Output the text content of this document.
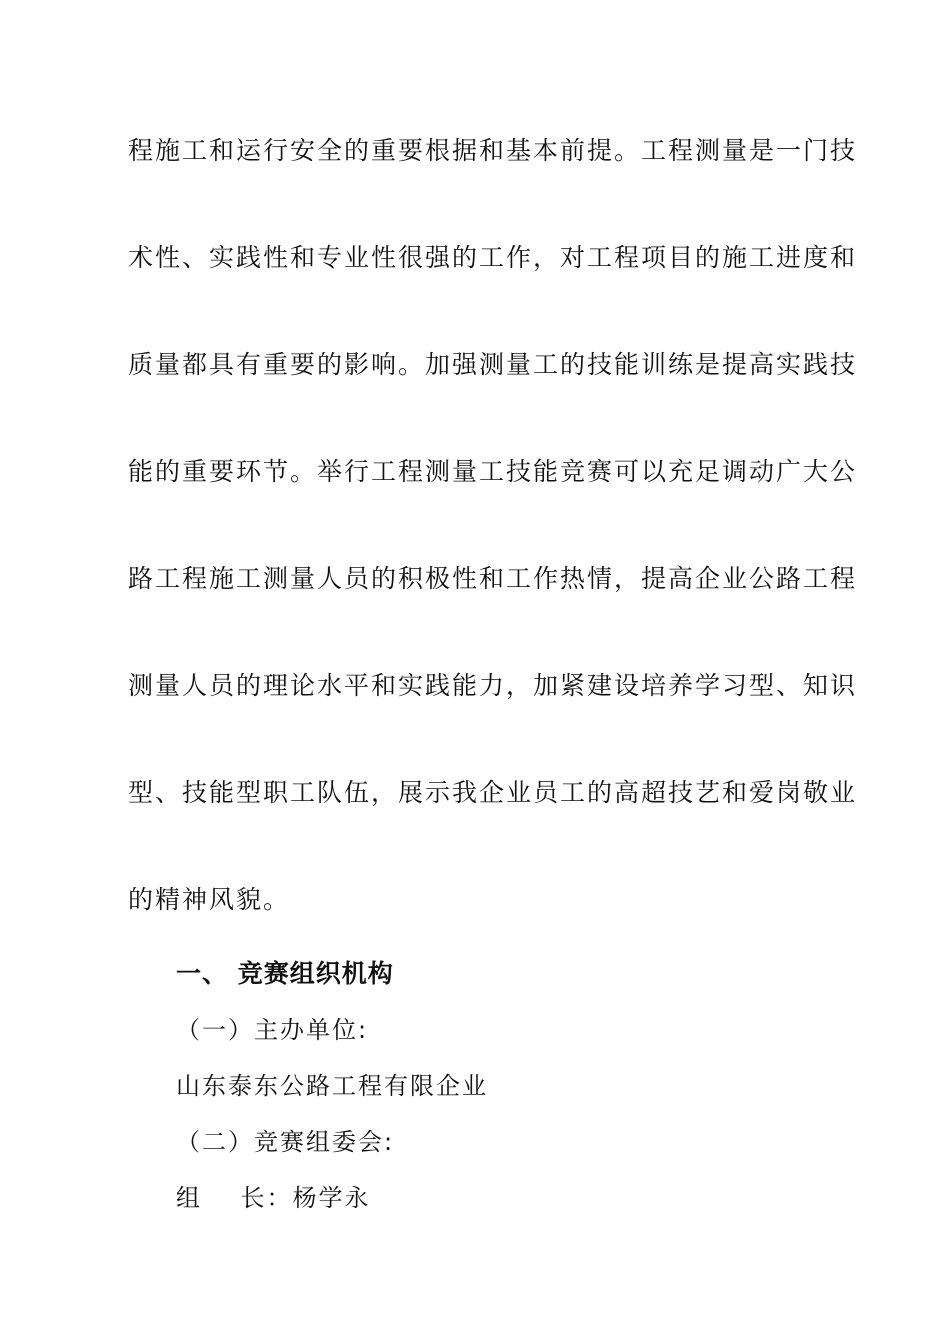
程施工和运行安全的重要根据和基本前提。工程测量是一门技
术性、实践性和专业性很强的工作，对工程项目的施工进度和
质量都具有重要的影响。加强测量工的技能训练是提高实践技
能的重要环节。举行工程测量工技能竞赛可以充足调动广大公
路工程施工测量人员的积极性和工作热情，提高企业公路工程
测量人员的理论水平和实践能力，加紧建设培养学习型、知识
型、技能型职工队伍，展示我企业员工的高超技艺和爱岗敬业
的精神风貌。
一、 竞赛组织机构
（一）主办单位:
山东泰东公路工程有限企业
（二）竞赛组委会:
组    长：杨学永
